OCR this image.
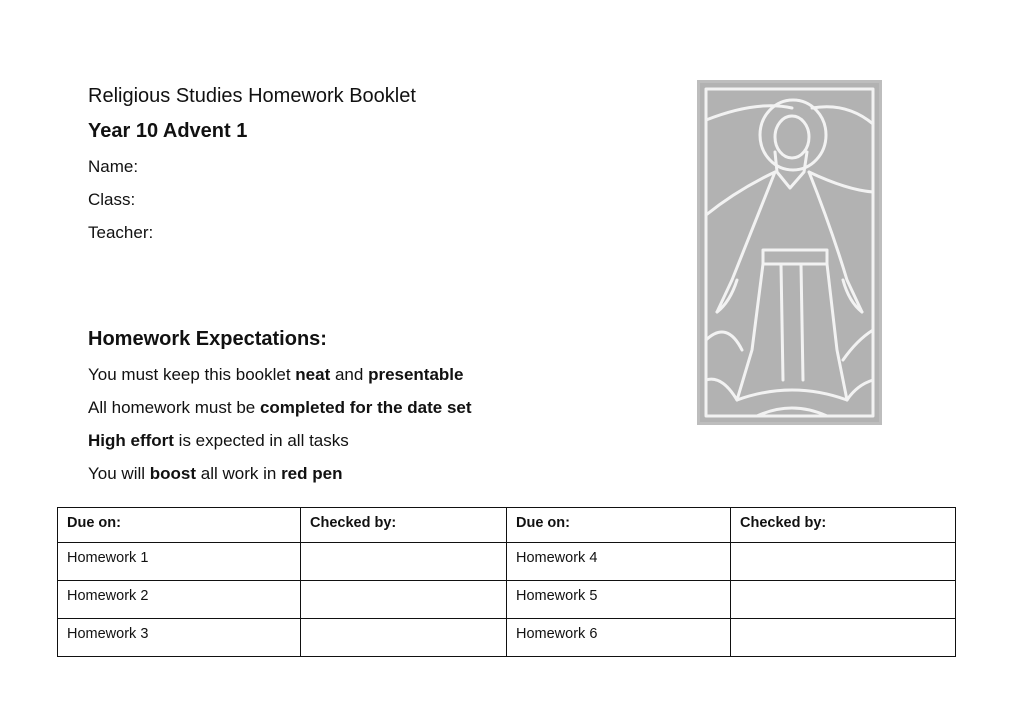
Religious Studies Homework Booklet

Year 10 Advent 1

Name:

Class:

Teacher:

Homework Expectations:

You must keep this booklet neat and presentable

All homework must be completed for the date set

High effort is expected in all tasks

You will boost all work in red pen

Due on:	Checked by:	Due on:	Checked by:
Homework 1		Homework 4	
Homework 2		Homework 5	
Homework 3		Homework 6	
